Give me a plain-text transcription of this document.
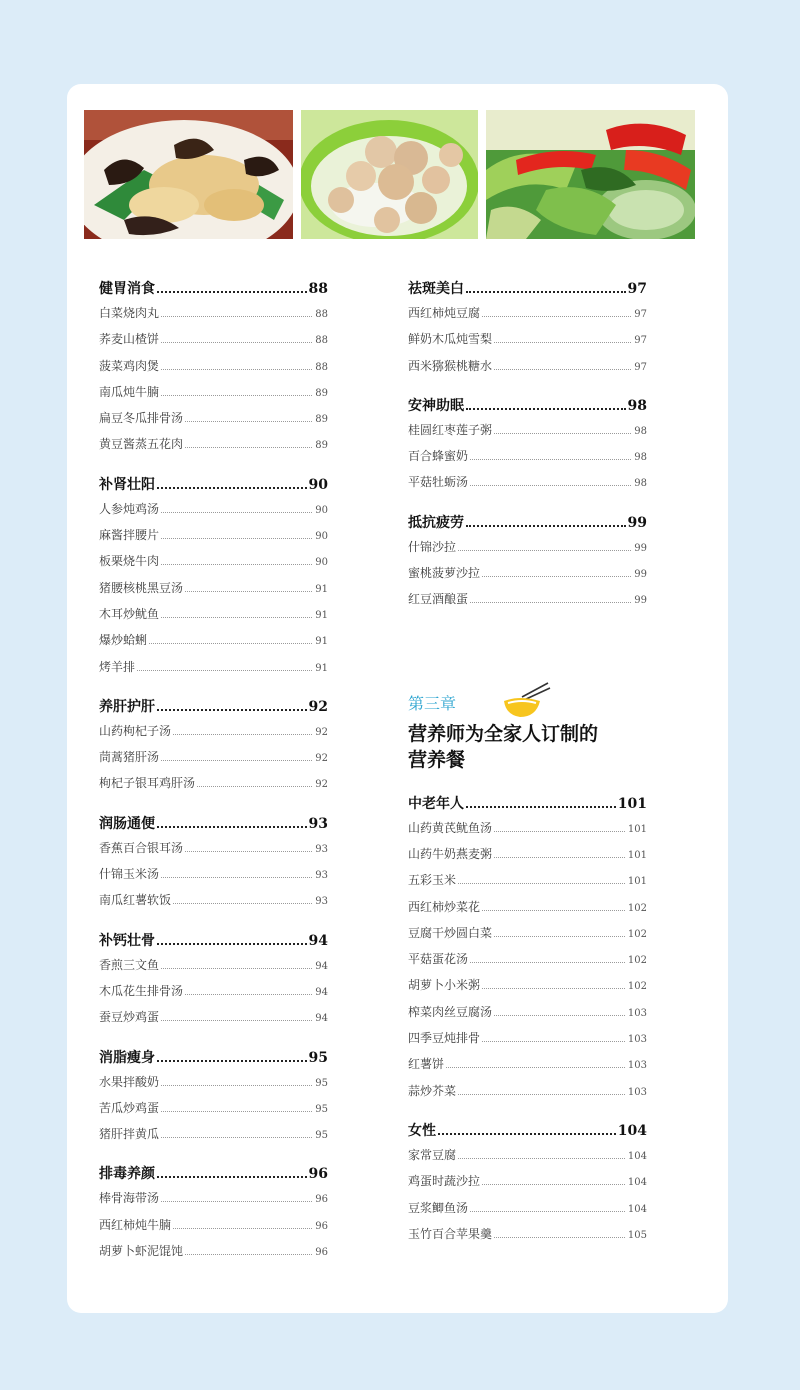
健胃消食	88
白菜烧肉丸	88
荞麦山楂饼	88
菠菜鸡肉煲	88
南瓜炖牛腩	89
扁豆冬瓜排骨汤	89
黄豆酱蒸五花肉	89
补肾壮阳	90
人参炖鸡汤	90
麻酱拌腰片	90
板栗烧牛肉	90
猪腰核桃黑豆汤	91
木耳炒鱿鱼	91
爆炒蛤蜊	91
烤羊排	91
养肝护肝	92
山药枸杞子汤	92
茼蒿猪肝汤	92
枸杞子银耳鸡肝汤	92
润肠通便	93
香蕉百合银耳汤	93
什锦玉米汤	93
南瓜红薯软饭	93
补钙壮骨	94
香煎三文鱼	94
木瓜花生排骨汤	94
蚕豆炒鸡蛋	94
消脂瘦身	95
水果拌酸奶	95
苦瓜炒鸡蛋	95
猪肝拌黄瓜	95
排毒养颜	96
棒骨海带汤	96
西红柿炖牛腩	96
胡萝卜虾泥馄饨	96
祛斑美白	97
西红柿炖豆腐	97
鲜奶木瓜炖雪梨	97
西米猕猴桃糖水	97
安神助眠	98
桂圆红枣莲子粥	98
百合蜂蜜奶	98
平菇牡蛎汤	98
抵抗疲劳	99
什锦沙拉	99
蜜桃菠萝沙拉	99
红豆酒酿蛋	99
第三章
营养师为全家人订制的
营养餐
中老年人	101
山药黄芪鱿鱼汤	101
山药牛奶燕麦粥	101
五彩玉米	101
西红柿炒菜花	102
豆腐干炒圆白菜	102
平菇蛋花汤	102
胡萝卜小米粥	102
榨菜肉丝豆腐汤	103
四季豆炖排骨	103
红薯饼	103
蒜炒芥菜	103
女性	104
家常豆腐	104
鸡蛋时蔬沙拉	104
豆浆鲫鱼汤	104
玉竹百合苹果羹	105
